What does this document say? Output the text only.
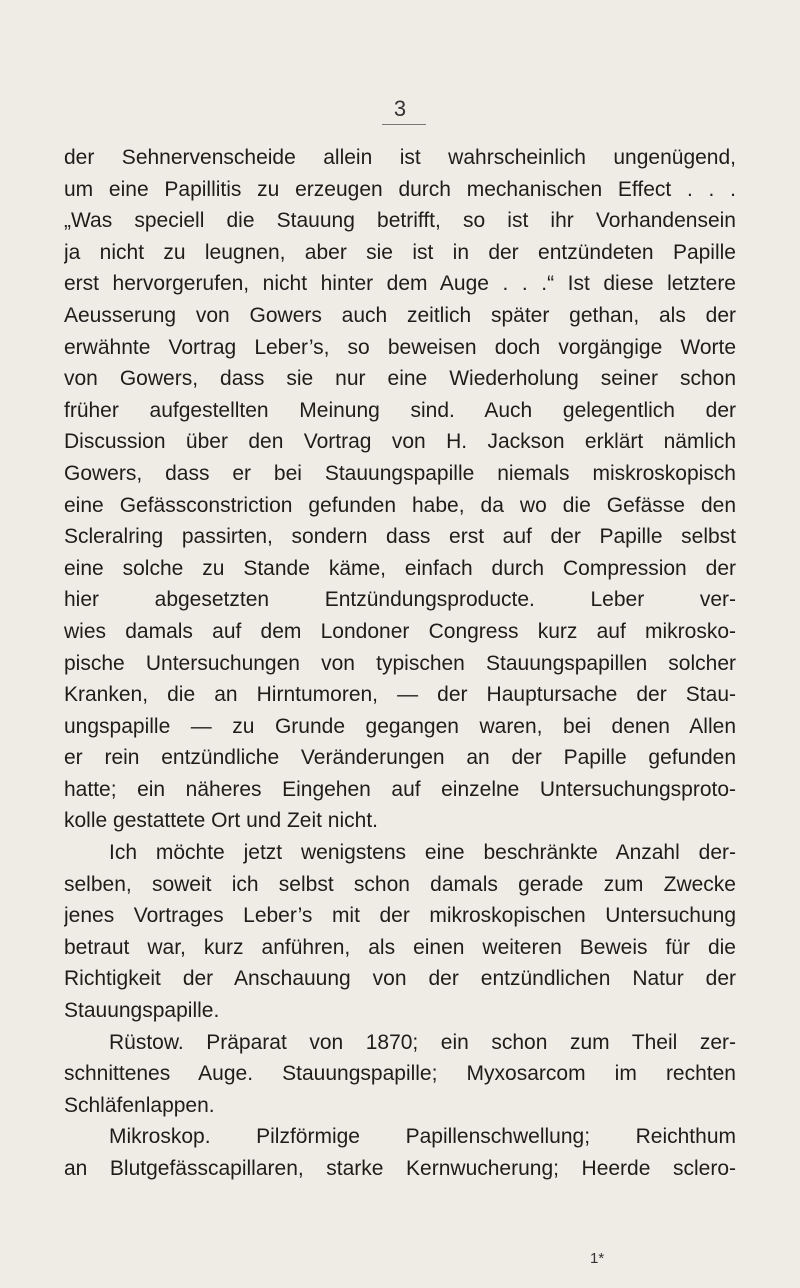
3
der Sehnervenscheide allein ist wahrscheinlich ungenügend,
um eine Papillitis zu erzeugen durch mechanischen Effect . . .
„Was speciell die Stauung betrifft, so ist ihr Vorhandensein
ja nicht zu leugnen, aber sie ist in der entzündeten Papille
erst hervorgerufen, nicht hinter dem Auge . . .“ Ist diese letztere
Aeusserung von Gowers auch zeitlich später gethan, als der
erwähnte Vortrag Leber’s, so beweisen doch vorgängige Worte
von Gowers, dass sie nur eine Wiederholung seiner schon
früher aufgestellten Meinung sind. Auch gelegentlich der
Discussion über den Vortrag von H. Jackson erklärt nämlich
Gowers, dass er bei Stauungspapille niemals miskroskopisch
eine Gefässconstriction gefunden habe, da wo die Gefässe den
Scleralring passirten, sondern dass erst auf der Papille selbst
eine solche zu Stande käme, einfach durch Compression der
hier abgesetzten Entzündungsproducte. Leber ver-
wies damals auf dem Londoner Congress kurz auf mikrosko-
pische Untersuchungen von typischen Stauungspapillen solcher
Kranken, die an Hirntumoren, — der Hauptursache der Stau-
ungspapille — zu Grunde gegangen waren, bei denen Allen
er rein entzündliche Veränderungen an der Papille gefunden
hatte; ein näheres Eingehen auf einzelne Untersuchungsproto-
kolle gestattete Ort und Zeit nicht.
Ich möchte jetzt wenigstens eine beschränkte Anzahl der-
selben, soweit ich selbst schon damals gerade zum Zwecke
jenes Vortrages Leber’s mit der mikroskopischen Untersuchung
betraut war, kurz anführen, als einen weiteren Beweis für die
Richtigkeit der Anschauung von der entzündlichen Natur der
Stauungspapille.
Rüstow. Präparat von 1870; ein schon zum Theil zer-
schnittenes Auge. Stauungspapille; Myxosarcom im rechten
Schläfenlappen.
Mikroskop. Pilzförmige Papillenschwellung; Reichthum
an Blutgefässcapillaren, starke Kernwucherung; Heerde sclero-
1*
